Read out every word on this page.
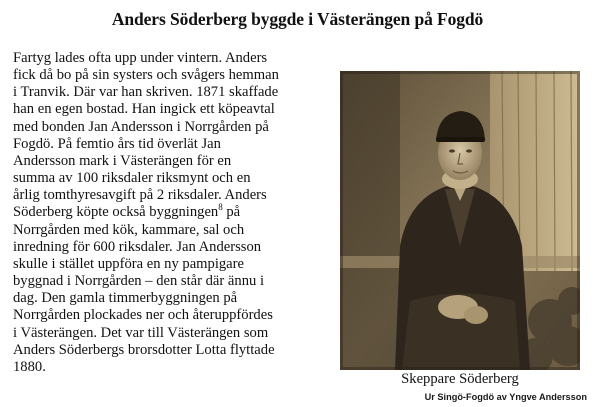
Anders Söderberg byggde i Västerängen på Fogdö
Fartyg lades ofta upp under vintern. Anders
fick då bo på sin systers och svågers hemman
i Tranvik. Där var han skriven. 1871 skaffade
han en egen bostad. Han ingick ett köpeavtal
med bonden Jan Andersson i Norrgården på
Fogdö. På femtio års tid överlät Jan
Andersson mark i Västerängen för en
summa av 100 riksdaler riksmynt och en
årlig tomthyresavgift på 2 riksdaler. Anders
Söderberg köpte också byggningen$^8$ på
Norrgården med kök, kammare, sal och
inredning för 600 riksdaler. Jan Andersson
skulle i stället uppföra en ny pampigare
byggnad i Norrgården – den står där ännu i
dag. Den gamla timmerbyggningen på
Norrgården plockades ner och återuppfördes
i Västerängen. Det var till Västerängen som
Anders Söderbergs brorsdotter Lotta flyttade
1880.
Skeppare Söderberg
Ur Singö-Fogdö av Yngve Andersson
